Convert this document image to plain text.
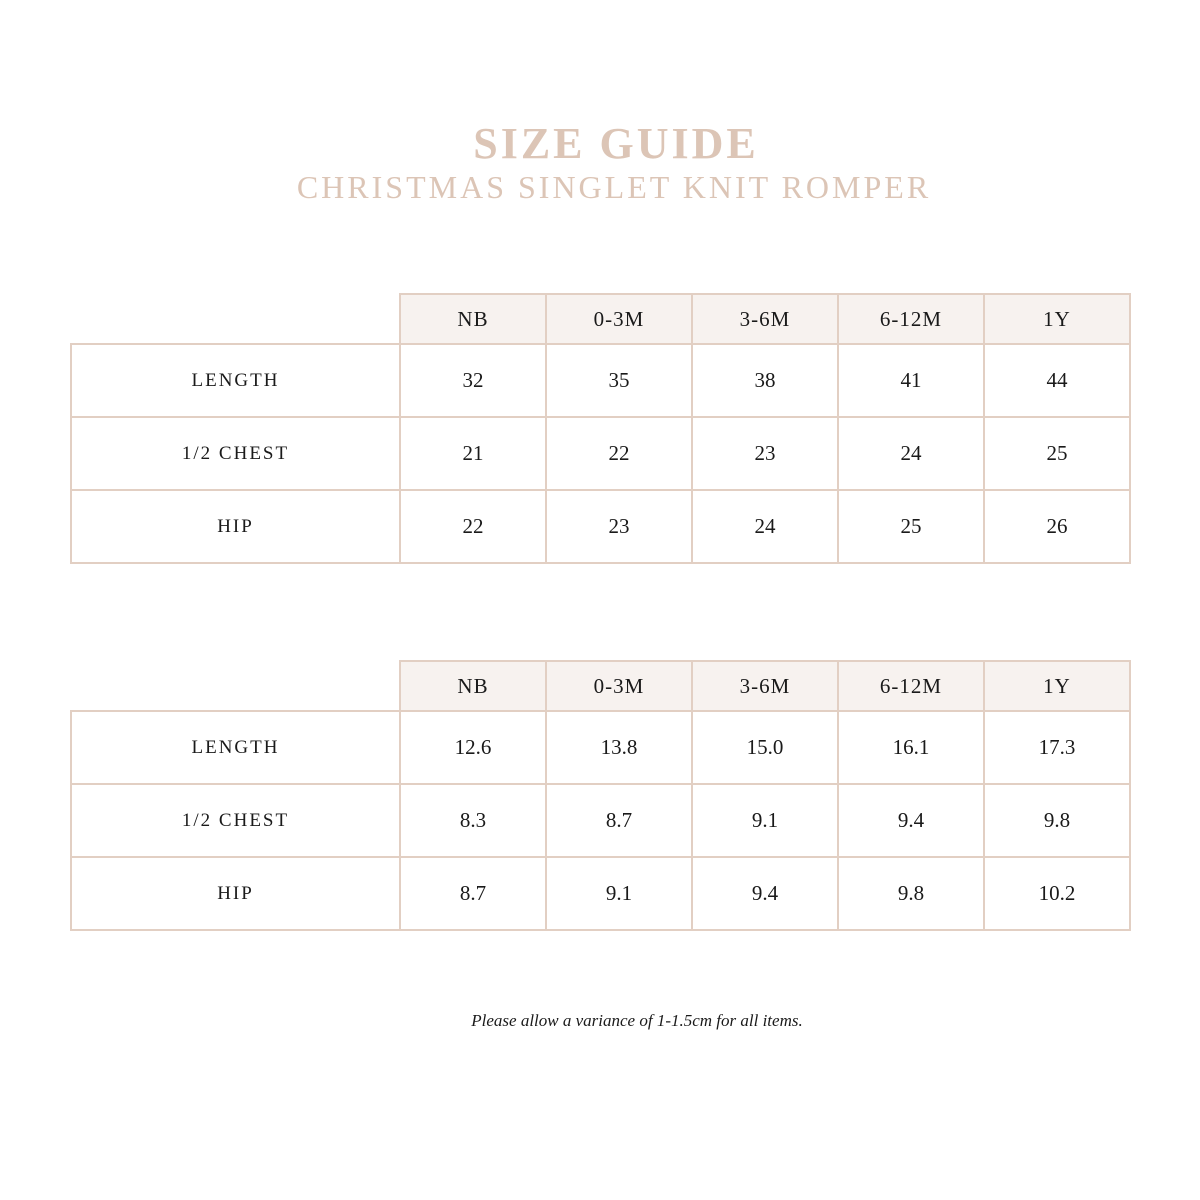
SIZE GUIDE
CHRISTMAS SINGLET KNIT ROMPER
	NB	0-3M	3-6M	6-12M	1Y
LENGTH	32	35	38	41	44
1/2 CHEST	21	22	23	24	25
HIP	22	23	24	25	26
	NB	0-3M	3-6M	6-12M	1Y
LENGTH	12.6	13.8	15.0	16.1	17.3
1/2 CHEST	8.3	8.7	9.1	9.4	9.8
HIP	8.7	9.1	9.4	9.8	10.2
Please allow a variance of 1-1.5cm for all items.
